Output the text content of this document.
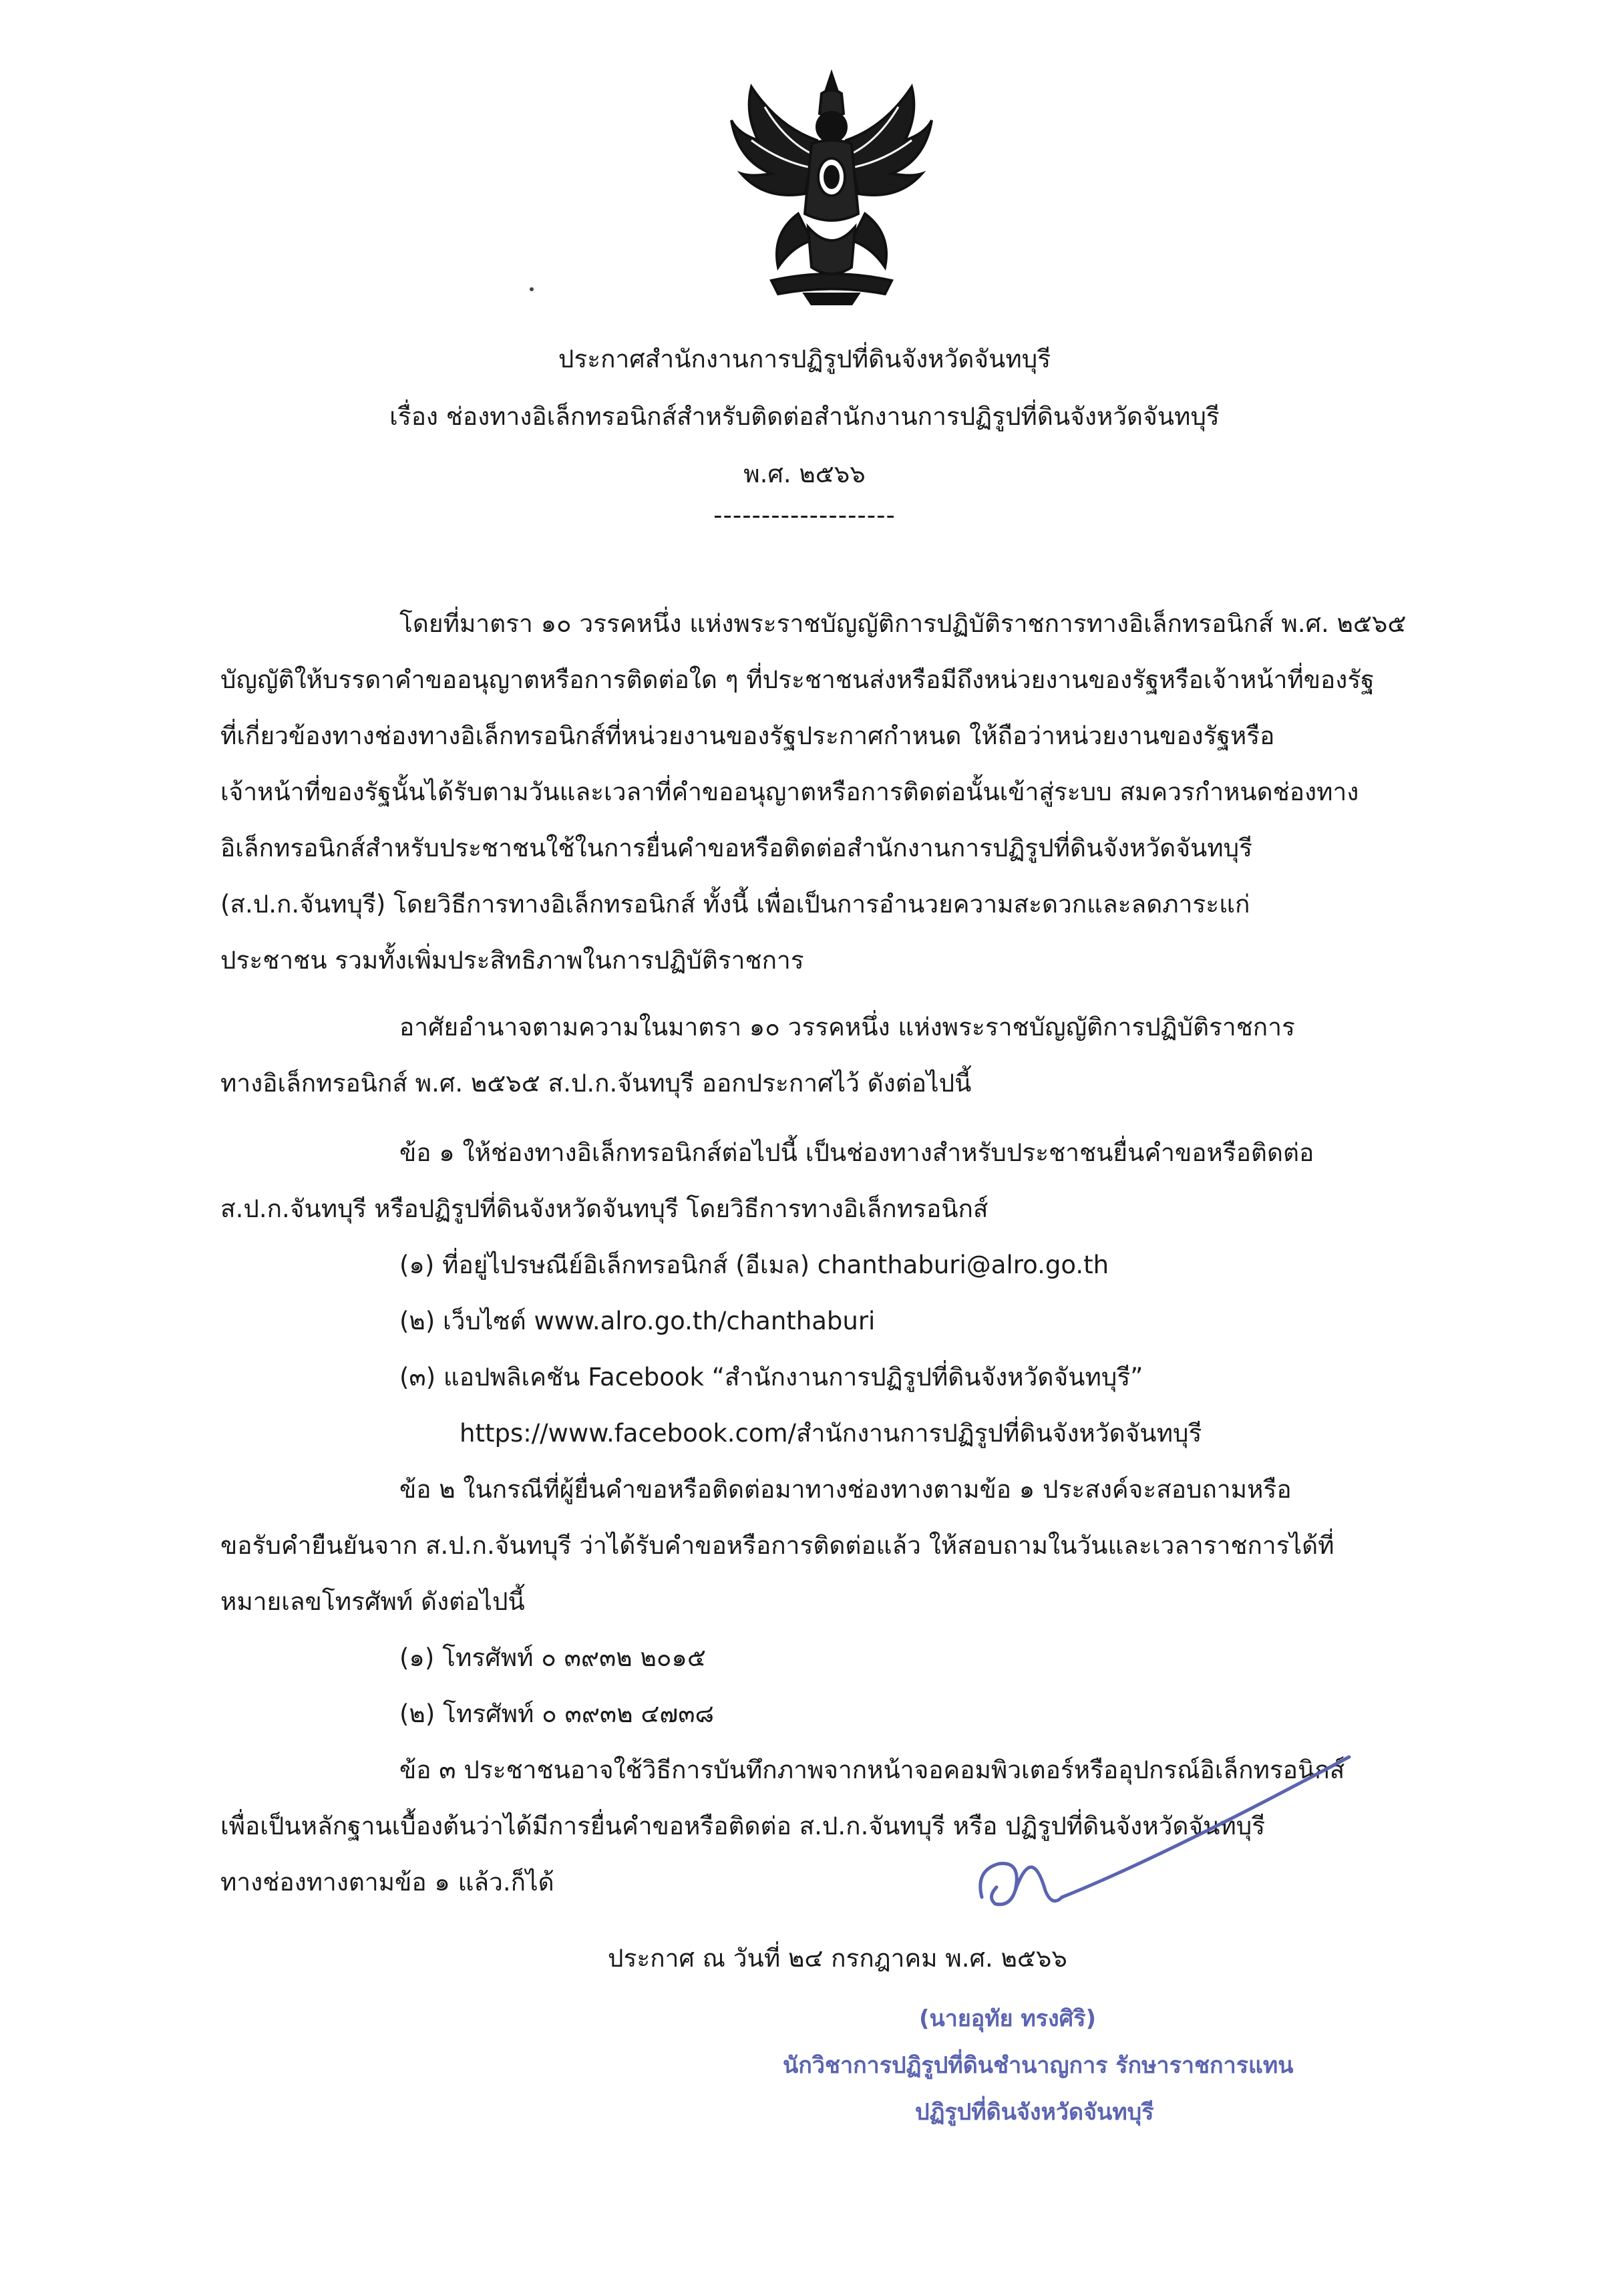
ประกาศสำนักงานการปฏิรูปที่ดินจังหวัดจันทบุรี
เรื่อง ช่องทางอิเล็กทรอนิกส์สำหรับติดต่อสำนักงานการปฏิรูปที่ดินจังหวัดจันทบุรี
พ.ศ. ๒๕๖๖
-------------------
โดยที่มาตรา ๑๐ วรรคหนึ่ง แห่งพระราชบัญญัติการปฏิบัติราชการทางอิเล็กทรอนิกส์ พ.ศ. ๒๕๖๕
บัญญัติให้บรรดาคำขออนุญาตหรือการติดต่อใด ๆ ที่ประชาชนส่งหรือมีถึงหน่วยงานของรัฐหรือเจ้าหน้าที่ของรัฐ
ที่เกี่ยวข้องทางช่องทางอิเล็กทรอนิกส์ที่หน่วยงานของรัฐประกาศกำหนด ให้ถือว่าหน่วยงานของรัฐหรือ
เจ้าหน้าที่ของรัฐนั้นได้รับตามวันและเวลาที่คำขออนุญาตหรือการติดต่อนั้นเข้าสู่ระบบ สมควรกำหนดช่องทาง
อิเล็กทรอนิกส์สำหรับประชาชนใช้ในการยื่นคำขอหรือติดต่อสำนักงานการปฏิรูปที่ดินจังหวัดจันทบุรี
(ส.ป.ก.จันทบุรี) โดยวิธีการทางอิเล็กทรอนิกส์ ทั้งนี้ เพื่อเป็นการอำนวยความสะดวกและลดภาระแก่
ประชาชน รวมทั้งเพิ่มประสิทธิภาพในการปฏิบัติราชการ
อาศัยอำนาจตามความในมาตรา ๑๐ วรรคหนึ่ง แห่งพระราชบัญญัติการปฏิบัติราชการ
ทางอิเล็กทรอนิกส์ พ.ศ. ๒๕๖๕ ส.ป.ก.จันทบุรี ออกประกาศไว้ ดังต่อไปนี้
ข้อ ๑ ให้ช่องทางอิเล็กทรอนิกส์ต่อไปนี้ เป็นช่องทางสำหรับประชาชนยื่นคำขอหรือติดต่อ
ส.ป.ก.จันทบุรี หรือปฏิรูปที่ดินจังหวัดจันทบุรี โดยวิธีการทางอิเล็กทรอนิกส์
(๑) ที่อยู่ไปรษณีย์อิเล็กทรอนิกส์ (อีเมล) chanthaburi@alro.go.th
(๒) เว็บไซต์ www.alro.go.th/chanthaburi
(๓) แอปพลิเคชัน Facebook “สำนักงานการปฏิรูปที่ดินจังหวัดจันทบุรี”
https://www.facebook.com/สำนักงานการปฏิรูปที่ดินจังหวัดจันทบุรี
ข้อ ๒ ในกรณีที่ผู้ยื่นคำขอหรือติดต่อมาทางช่องทางตามข้อ ๑ ประสงค์จะสอบถามหรือ
ขอรับคำยืนยันจาก ส.ป.ก.จันทบุรี ว่าได้รับคำขอหรือการติดต่อแล้ว ให้สอบถามในวันและเวลาราชการได้ที่
หมายเลขโทรศัพท์ ดังต่อไปนี้
(๑) โทรศัพท์ ๐ ๓๙๓๒ ๒๐๑๕
(๒) โทรศัพท์ ๐ ๓๙๓๒ ๔๗๓๘
ข้อ ๓ ประชาชนอาจใช้วิธีการบันทึกภาพจากหน้าจอคอมพิวเตอร์หรืออุปกรณ์อิเล็กทรอนิกส์
เพื่อเป็นหลักฐานเบื้องต้นว่าได้มีการยื่นคำขอหรือติดต่อ ส.ป.ก.จันทบุรี หรือ ปฏิรูปที่ดินจังหวัดจันทบุรี
ทางช่องทางตามข้อ ๑ แล้ว.ก็ได้
ประกาศ ณ วันที่ ๒๔ กรกฎาคม พ.ศ. ๒๕๖๖
(นายอุทัย ทรงศิริ)
นักวิชาการปฏิรูปที่ดินชำนาญการ รักษาราชการแทน
ปฏิรูปที่ดินจังหวัดจันทบุรี
